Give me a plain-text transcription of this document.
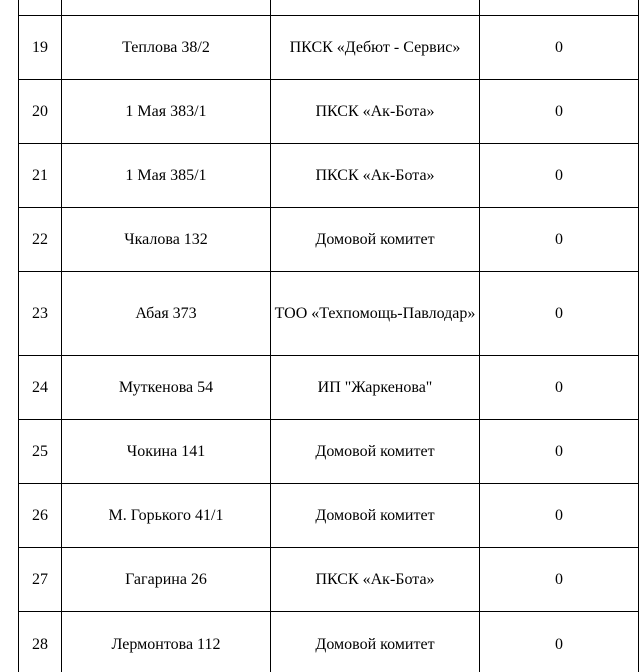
19	Теплова 38/2	ПКСК «Дебют - Сервис»	0

20	1 Мая 383/1	ПКСК «Ак-Бота»	0

21	1 Мая 385/1	ПКСК «Ак-Бота»	0

22	Чкалова 132	Домовой комитет	0

23	Абая 373	ТОО «Техпомощь-Павлодар»	0

24	Муткенова 54	ИП "Жаркенова"	0

25	Чокина 141	Домовой комитет	0

26	М. Горького 41/1	Домовой комитет	0

27	Гагарина 26	ПКСК «Ак-Бота»	0

28	Лермонтова 112	Домовой комитет	0
